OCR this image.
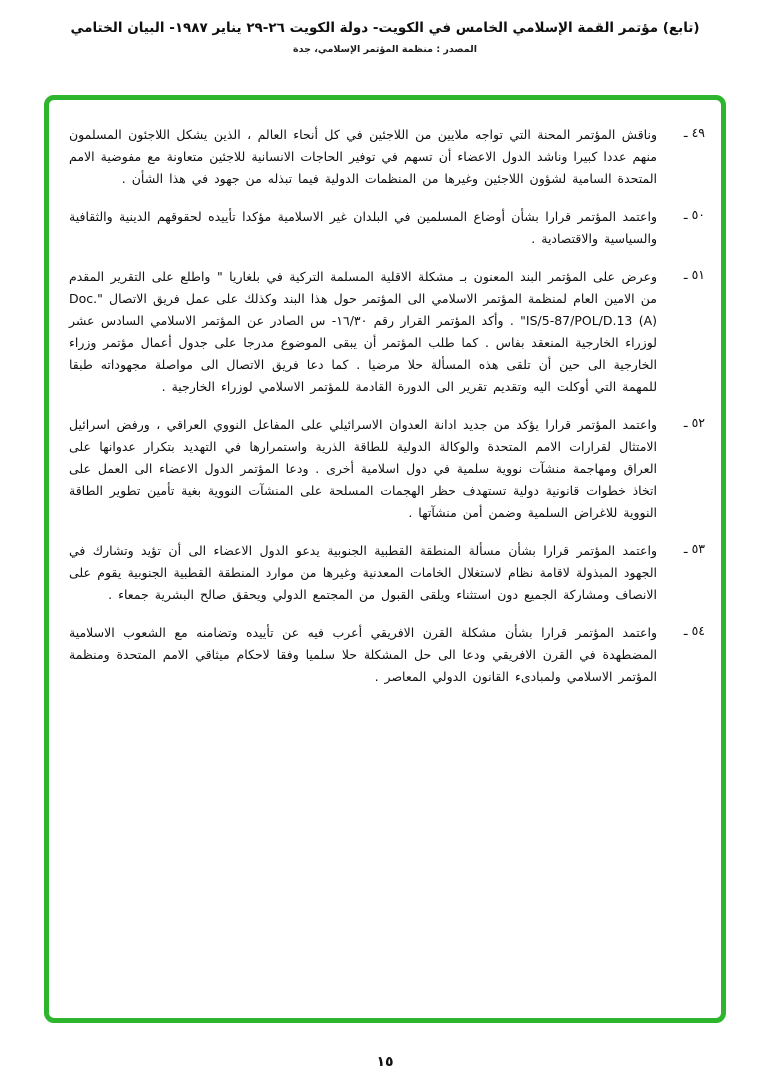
(تابع) مؤتمر القمة الإسلامي الخامس في الكويت- دولة الكويت ٢٦-٢٩ يناير ١٩٨٧- البيان الختامي
المصدر : منظمة المؤتمر الإسلامي، جدة
٤٩ ـ

وناقش المؤتمر المحنة التي تواجه ملايين من اللاجئين في كل أنحاء العالم ، الذين يشكل اللاجئون المسلمون منهم عددا كبيرا وناشد الدول الاعضاء أن تسهم في توفير الحاجات الانسانية للاجئين متعاونة مع مفوضية الامم المتحدة السامية لشؤون اللاجئين وغيرها من المنظمات الدولية فيما تبذله من جهود في هذا الشأن .

٥٠ ـ

واعتمد المؤتمر قرارا بشأن أوضاع المسلمين في البلدان غير الاسلامية مؤكدا تأييده لحقوقهم الدينية والثقافية والسياسية والاقتصادية .

٥١ ـ

وعرض على المؤتمر البند المعنون بـ مشكلة الاقلية المسلمة التركية في بلغاريا " واطلع على التقرير المقدم من الامين العام لمنظمة المؤتمر الاسلامي الى المؤتمر حول هذا البند وكذلك على عمل فريق الاتصال "Doc. IS/5-87/POL/D.13 (A)" . وأكد المؤتمر القرار رقم ١٦/٣٠- س الصادر عن المؤتمر الاسلامي السادس عشر لوزراء الخارجية المنعقد بفاس . كما طلب المؤتمر أن يبقى الموضوع مدرجا على جدول أعمال مؤتمر وزراء الخارجية الى حين أن تلقى هذه المسألة حلا مرضيا . كما دعا فريق الاتصال الى مواصلة مجهوداته طبقا للمهمة التي أوكلت اليه وتقديم تقرير الى الدورة القادمة للمؤتمر الاسلامي لوزراء الخارجية .

٥٢ ـ

واعتمد المؤتمر قرارا يؤكد من جديد ادانة العدوان الاسرائيلي على المفاعل النووي العراقي ، ورفض اسرائيل الامتثال لقرارات الامم المتحدة والوكالة الدولية للطاقة الذرية واستمرارها في التهديد بتكرار عدوانها على العراق ومهاجمة منشآت نووية سلمية في دول اسلامية أخرى . ودعا المؤتمر الدول الاعضاء الى العمل على اتخاذ خطوات قانونية دولية تستهدف حظر الهجمات المسلحة على المنشآت النووية بغية تأمين تطوير الطاقة النووية للاغراض السلمية وضمن أمن منشآتها .

٥٣ ـ

واعتمد المؤتمر قرارا بشأن مسألة المنطقة القطبية الجنوبية يدعو الدول الاعضاء الى أن تؤيد وتشارك في الجهود المبذولة لاقامة نظام لاستغلال الخامات المعدنية وغيرها من موارد المنطقة القطبية الجنوبية يقوم على الانصاف ومشاركة الجميع دون استثناء ويلقى القبول من المجتمع الدولي ويحقق صالح البشرية جمعاء .

٥٤ ـ

واعتمد المؤتمر قرارا بشأن مشكلة القرن الافريقي أعرب فيه عن تأييده وتضامنه مع الشعوب الاسلامية المضطهدة في القرن الافريقي ودعا الى حل المشكلة حلا سلميا وفقا لاحكام ميثاقي الامم المتحدة ومنظمة المؤتمر الاسلامي ولمبادىء القانون الدولي المعاصر .

١٥
